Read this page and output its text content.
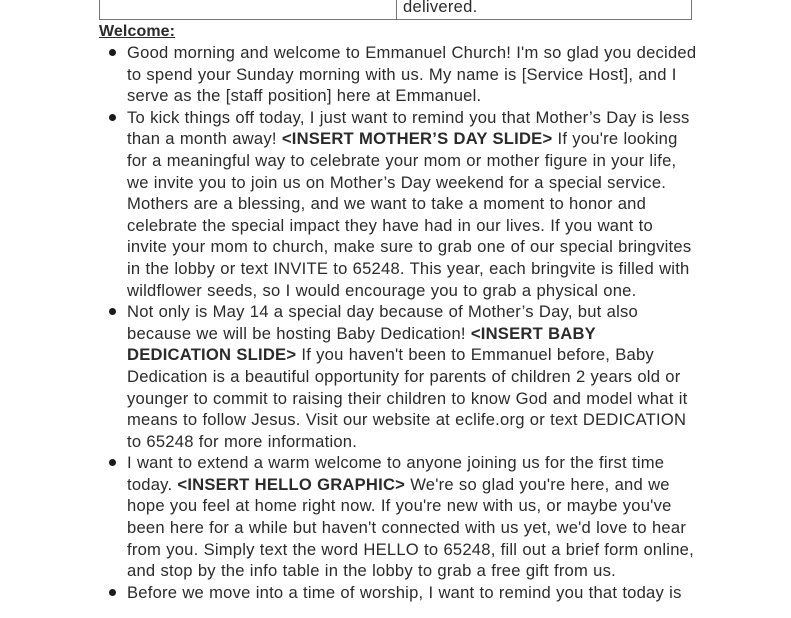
delivered.
Welcome:
Good morning and welcome to Emmanuel Church! I'm so glad you decided to spend your Sunday morning with us. My name is [Service Host], and I serve as the [staff position] here at Emmanuel.
To kick things off today, I just want to remind you that Mother’s Day is less than a month away! <INSERT MOTHER’S DAY SLIDE> If you're looking for a meaningful way to celebrate your mom or mother figure in your life, we invite you to join us on Mother’s Day weekend for a special service. Mothers are a blessing, and we want to take a moment to honor and celebrate the special impact they have had in our lives. If you want to invite your mom to church, make sure to grab one of our special bringvites in the lobby or text INVITE to 65248. This year, each bringvite is filled with wildflower seeds, so I would encourage you to grab a physical one.
Not only is May 14 a special day because of Mother’s Day, but also because we will be hosting Baby Dedication! <INSERT BABY DEDICATION SLIDE> If you haven't been to Emmanuel before, Baby Dedication is a beautiful opportunity for parents of children 2 years old or younger to commit to raising their children to know God and model what it means to follow Jesus. Visit our website at eclife.org or text DEDICATION to 65248 for more information.
I want to extend a warm welcome to anyone joining us for the first time today. <INSERT HELLO GRAPHIC> We're so glad you're here, and we hope you feel at home right now. If you're new with us, or maybe you've been here for a while but haven't connected with us yet, we'd love to hear from you. Simply text the word HELLO to 65248, fill out a brief form online, and stop by the info table in the lobby to grab a free gift from us.
Before we move into a time of worship, I want to remind you that today is
